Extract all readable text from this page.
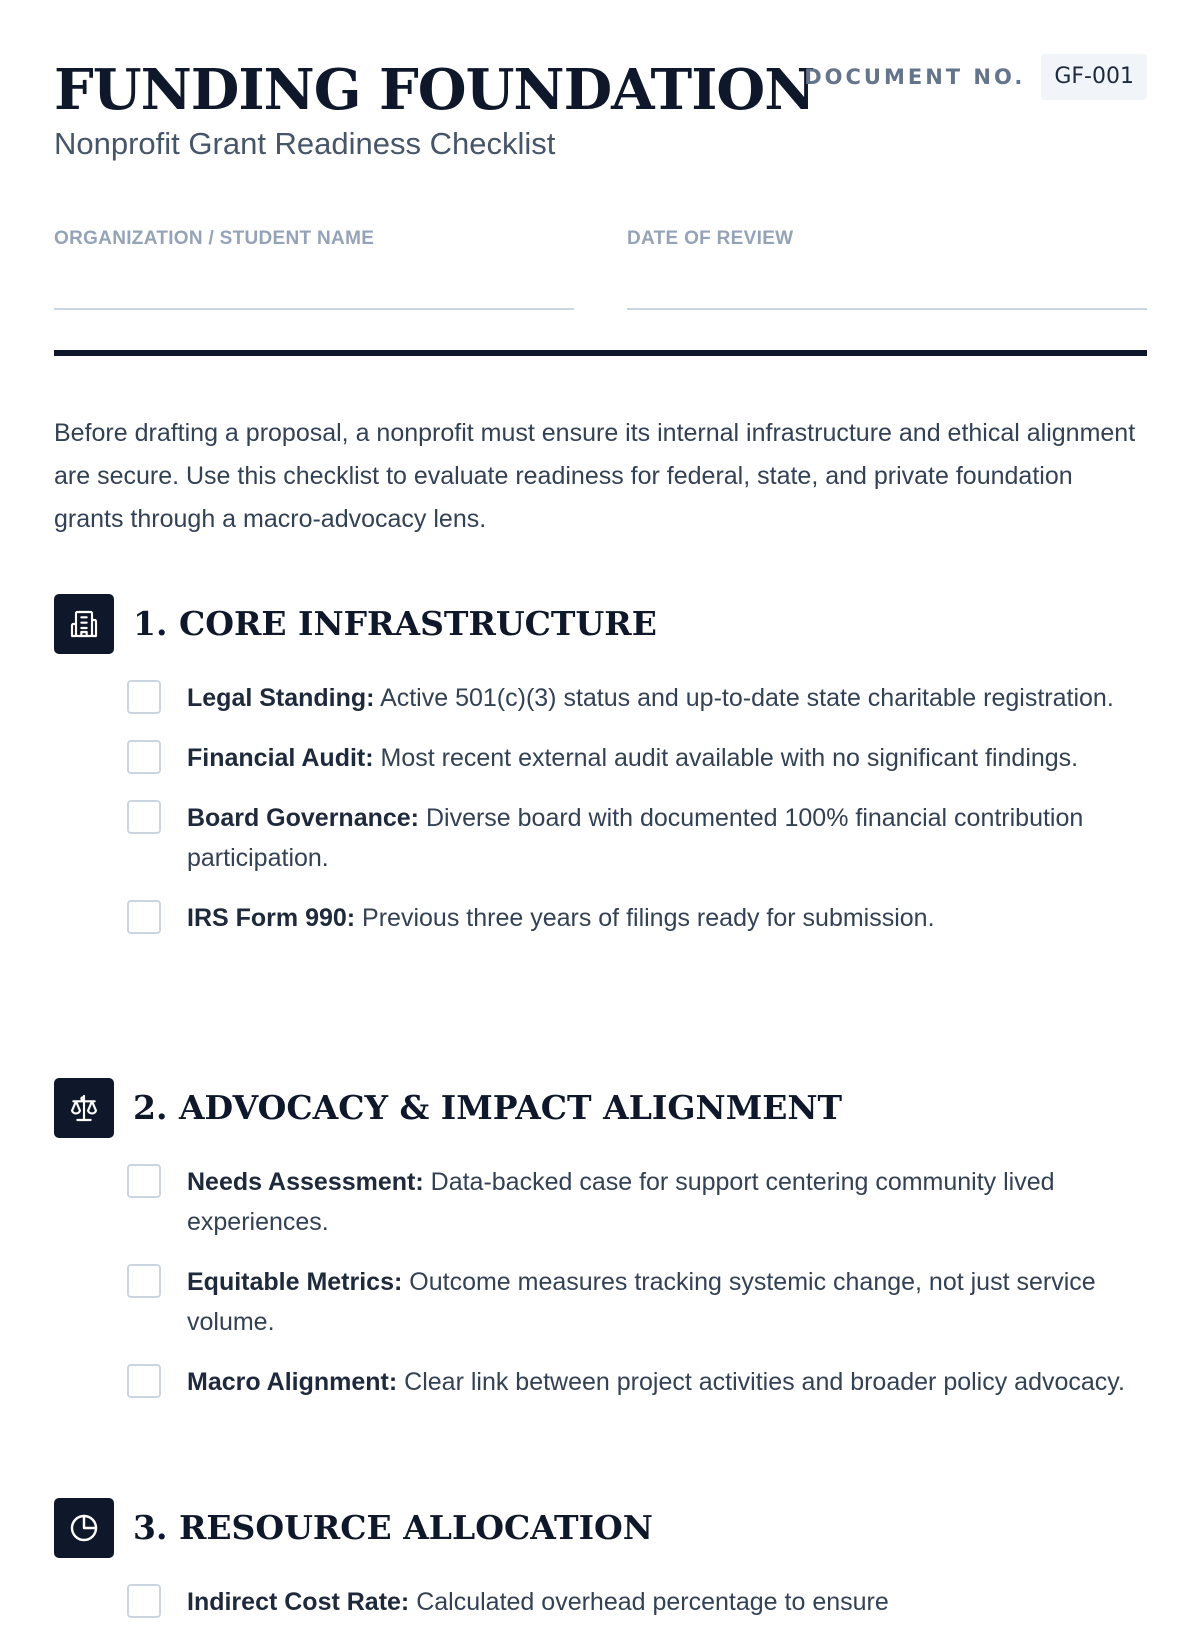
FUNDING FOUNDATION

Nonprofit Grant Readiness Checklist

DOCUMENT NO.	GF-001
ORGANIZATION / STUDENT NAME	DATE OF REVIEW

Before drafting a proposal, a nonprofit must ensure its internal infrastructure and ethical alignment are secure. Use this checklist to evaluate readiness for federal, state, and private foundation grants through a macro-advocacy lens.

1. CORE INFRASTRUCTURE
Legal Standing: Active 501(c)(3) status and up-to-date state charitable registration.
Financial Audit: Most recent external audit available with no significant findings.
Board Governance: Diverse board with documented 100% financial contribution participation.
IRS Form 990: Previous three years of filings ready for submission.
2. ADVOCACY & IMPACT ALIGNMENT
Needs Assessment: Data-backed case for support centering community lived experiences.
Equitable Metrics: Outcome measures tracking systemic change, not just service volume.
Macro Alignment: Clear link between project activities and broader policy advocacy.
3. RESOURCE ALLOCATION
Indirect Cost Rate: Calculated overhead percentage to ensure
